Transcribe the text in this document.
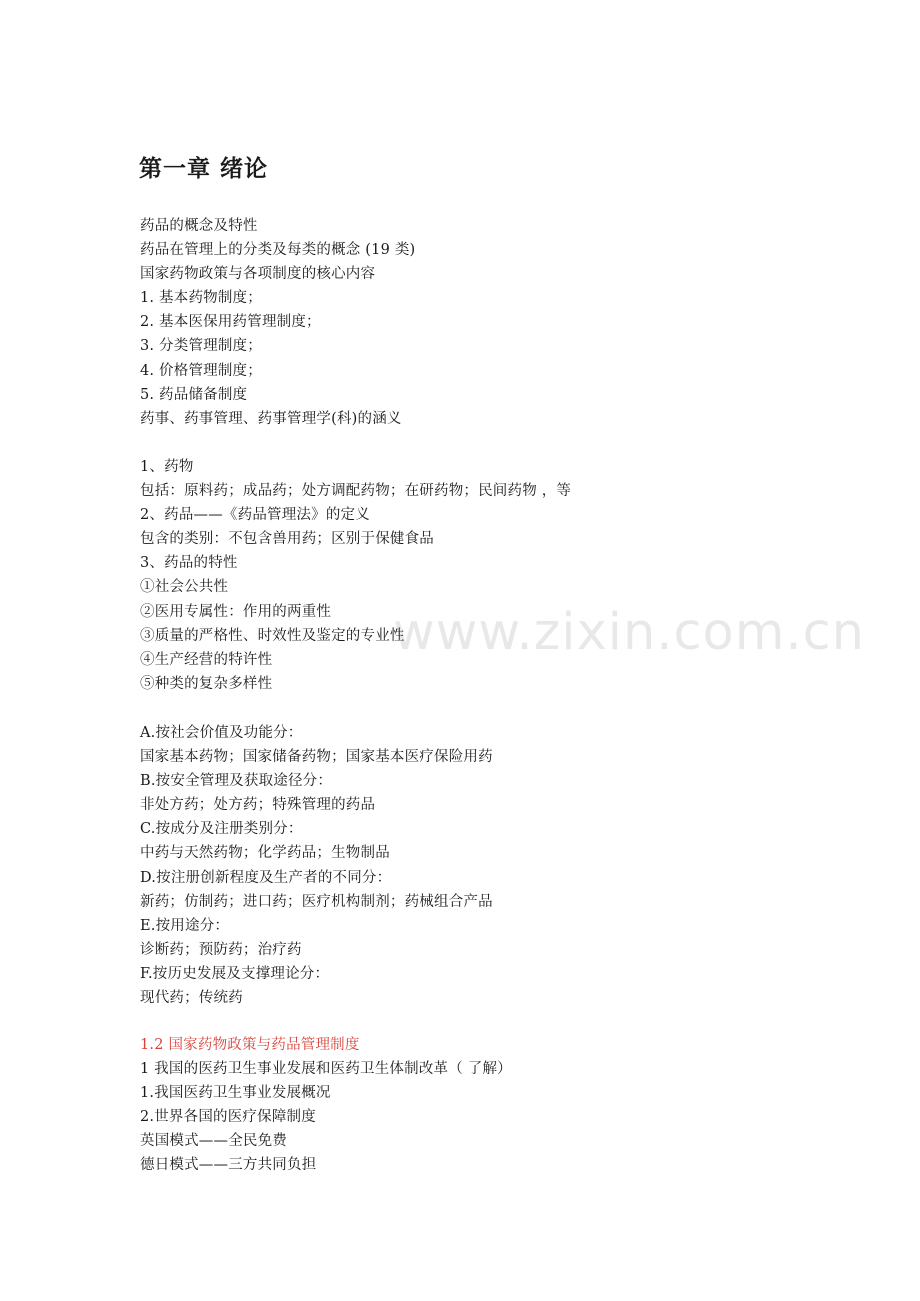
www.zixin.com.cn
第一章 绪论
药品的概念及特性
药品在管理上的分类及每类的概念 (19 类)
国家药物政策与各项制度的核心内容
1. 基本药物制度；
2. 基本医保用药管理制度；
3. 分类管理制度；
4. 价格管理制度；
5. 药品储备制度
药事、药事管理、药事管理学(科)的涵义
1、药物
包括：原料药；成品药；处方调配药物；在研药物；民间药物 ，等
2、药品——《药品管理法》的定义
包含的类别：不包含兽用药；区别于保健食品
3、药品的特性
①社会公共性
②医用专属性：作用的两重性
③质量的严格性、时效性及鉴定的专业性
④生产经营的特许性
⑤种类的复杂多样性
A.按社会价值及功能分：
国家基本药物；国家储备药物；国家基本医疗保险用药
B.按安全管理及获取途径分：
非处方药；处方药；特殊管理的药品
C.按成分及注册类别分：
中药与天然药物；化学药品；生物制品
D.按注册创新程度及生产者的不同分：
新药；仿制药；进口药；医疗机构制剂；药械组合产品
E.按用途分：
诊断药；预防药；治疗药
F.按历史发展及支撑理论分：
现代药；传统药
1.2 国家药物政策与药品管理制度
1 我国的医药卫生事业发展和医药卫生体制改革（ 了解）
1.我国医药卫生事业发展概况
2.世界各国的医疗保障制度
英国模式——全民免费
德日模式——三方共同负担
